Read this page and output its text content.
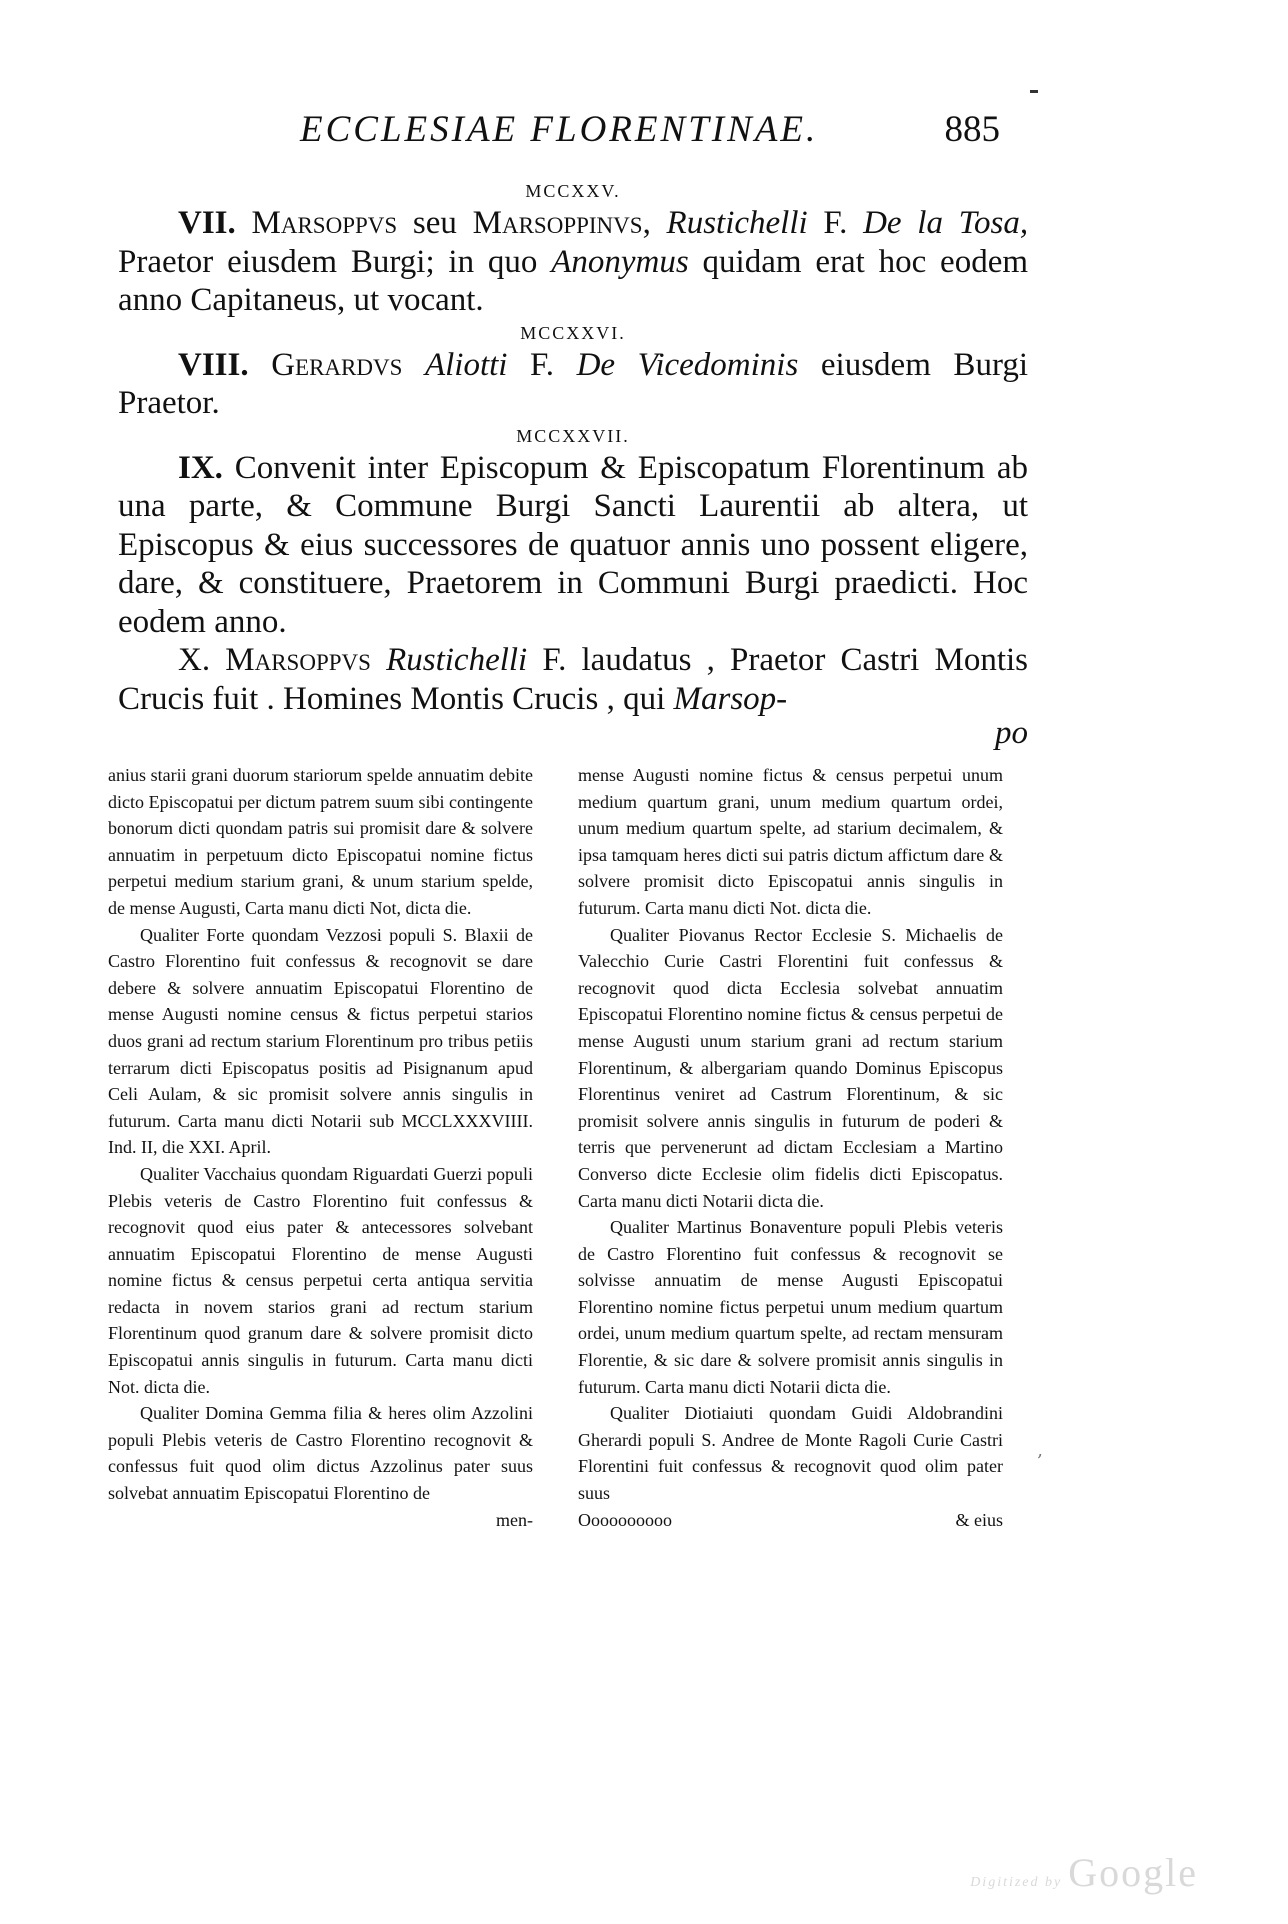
ECCLESIAE FLORENTINAE.	885

MCCXXV.

VII. Marsoppvs seu Marsoppinvs, Rustichelli F. De la Tosa, Praetor eiusdem Burgi; in quo Anonymus quidam erat hoc eodem anno Capitaneus, ut vocant.

MCCXXVI.

VIII. Gerardvs Aliotti F. De Vicedominis eiusdem Burgi Praetor.

MCCXXVII.

IX. Convenit inter Episcopum & Episcopatum Florentinum ab una parte, & Commune Burgi Sancti Laurentii ab altera, ut Episcopus & eius successores de quatuor annis uno possent eligere, dare, & constituere, Praetorem in Communi Burgi praedicti. Hoc eodem anno.

X. Marsoppvs Rustichelli F. laudatus , Praetor Castri Montis Crucis fuit . Homines Montis Crucis , qui Marsop-

po

anius starii grani duorum stariorum spelde annuatim debite dicto Episcopatui per dictum patrem suum sibi contingente bonorum dicti quondam patris sui promisit dare & solvere annuatim in perpetuum dicto Episcopatui nomine fictus perpetui medium starium grani, & unum starium spelde, de mense Augusti, Carta manu dicti Not, dicta die.

Qualiter Forte quondam Vezzosi populi S. Blaxii de Castro Florentino fuit confessus & recognovit se dare debere & solvere annuatim Episcopatui Florentino de mense Augusti nomine census & fictus perpetui starios duos grani ad rectum starium Florentinum pro tribus petiis terrarum dicti Episcopatus positis ad Pisignanum apud Celi Aulam, & sic promisit solvere annis singulis in futurum. Carta manu dicti Notarii sub MCCLXXXVIIII. Ind. II, die XXI. April.

Qualiter Vacchaius quondam Riguardati Guerzi populi Plebis veteris de Castro Florentino fuit confessus & recognovit quod eius pater & antecessores solvebant annuatim Episcopatui Florentino de mense Augusti nomine fictus & census perpetui certa antiqua servitia redacta in novem starios grani ad rectum starium Florentinum quod granum dare & solvere promisit dicto Episcopatui annis singulis in futurum. Carta manu dicti Not. dicta die.

Qualiter Domina Gemma filia & heres olim Azzolini populi Plebis veteris de Castro Florentino recognovit & confessus fuit quod olim dictus Azzolinus pater suus solvebat annuatim Episcopatui Florentino de

men-

mense Augusti nomine fictus & census perpetui unum medium quartum grani, unum medium quartum ordei, unum medium quartum spelte, ad starium decimalem, & ipsa tamquam heres dicti sui patris dictum affictum dare & solvere promisit dicto Episcopatui annis singulis in futurum. Carta manu dicti Not. dicta die.

Qualiter Piovanus Rector Ecclesie S. Michaelis de Valecchio Curie Castri Florentini fuit confessus & recognovit quod dicta Ecclesia solvebat annuatim Episcopatui Florentino nomine fictus & census perpetui de mense Augusti unum starium grani ad rectum starium Florentinum, & albergariam quando Dominus Episcopus Florentinus veniret ad Castrum Florentinum, & sic promisit solvere annis singulis in futurum de poderi & terris que pervenerunt ad dictam Ecclesiam a Martino Converso dicte Ecclesie olim fidelis dicti Episcopatus. Carta manu dicti Notarii dicta die.

Qualiter Martinus Bonaventure populi Plebis veteris de Castro Florentino fuit confessus & recognovit se solvisse annuatim de mense Augusti Episcopatui Florentino nomine fictus perpetui unum medium quartum ordei, unum medium quartum spelte, ad rectam mensuram Florentie, & sic dare & solvere promisit annis singulis in futurum. Carta manu dicti Notarii dicta die.

Qualiter Diotiaiuti quondam Guidi Aldobrandini Gherardi populi S. Andree de Monte Ragoli Curie Castri Florentini fuit confessus & recognovit quod olim pater suus

Oooooooooo	& eius

,
Digitized by Google
